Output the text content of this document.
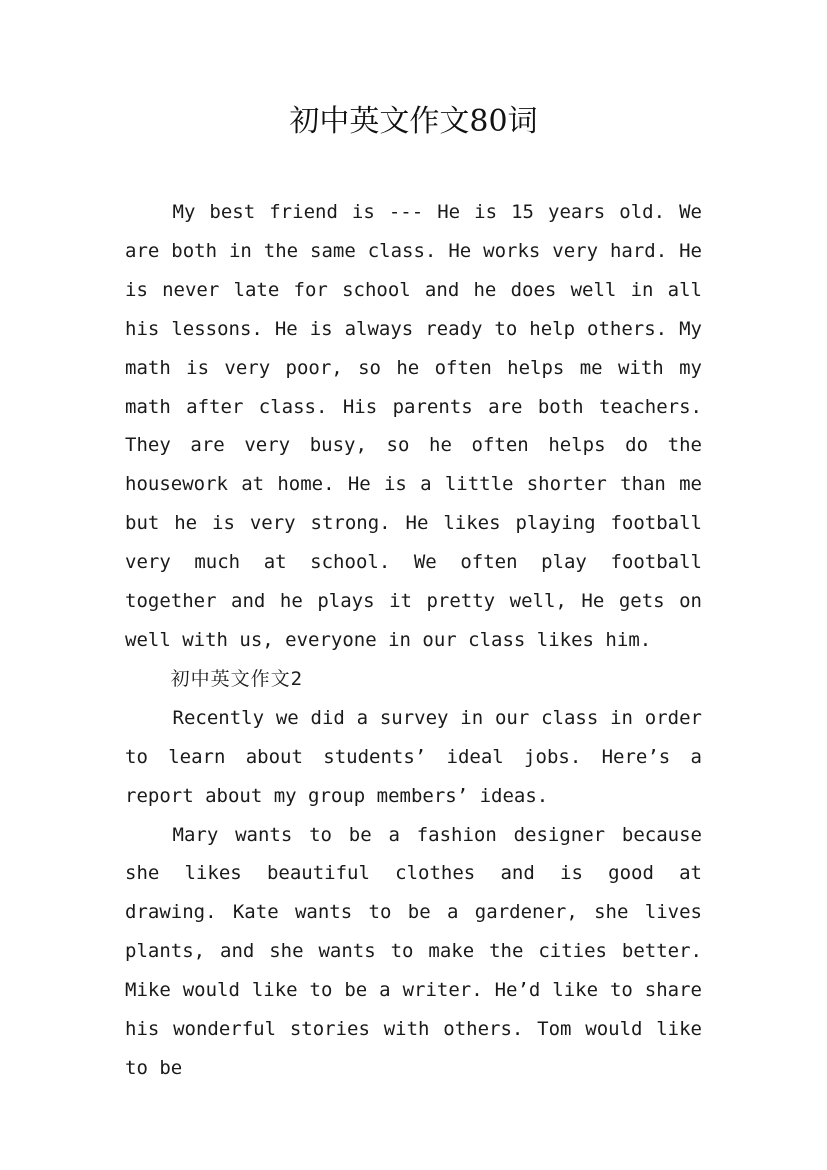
初中英文作文80词

My best friend is --- He is 15 years old. We are both in the same class. He works very hard. He is never late for school and he does well in all his lessons. He is always ready to help others. My math is very poor, so he often helps me with my math after class. His parents are both teachers. They are very busy, so he often helps do the housework at home. He is a little shorter than me but he is very strong. He likes playing football very much at school. We often play football together and he plays it pretty well, He gets on well with us, everyone in our class likes him.

初中英文作文2

Recently we did a survey in our class in order to learn about students’ ideal jobs. Here’s a report about my group members’ ideas.

Mary wants to be a fashion designer because she likes beautiful clothes and is good at drawing. Kate wants to be a gardener, she lives plants, and she wants to make the cities better. Mike would like to be a writer. He’d like to share his wonderful stories with others. Tom would like to be
